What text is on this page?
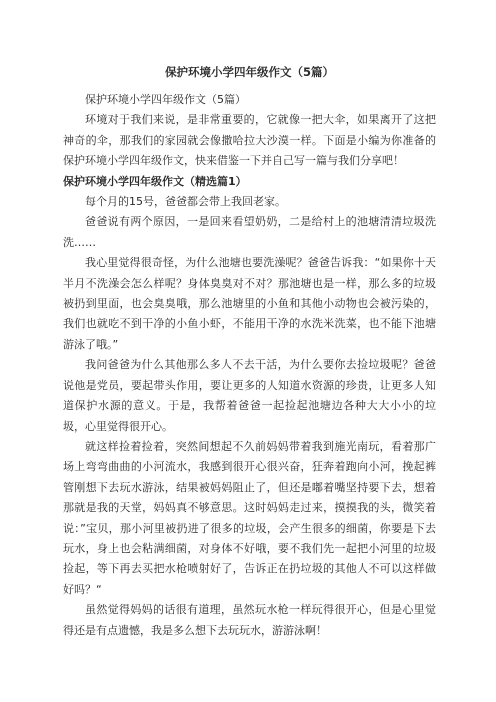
保护环境小学四年级作文（5篇）

保护环境小学四年级作文（5篇）

环境对于我们来说，是非常重要的，它就像一把大伞，如果离开了这把神奇的伞，那我们的家园就会像撒哈拉大沙漠一样。下面是小编为你准备的保护环境小学四年级作文，快来借鉴一下并自己写一篇与我们分享吧！

保护环境小学四年级作文（精选篇1）

每个月的15号，爸爸都会带上我回老家。

爸爸说有两个原因，一是回来看望奶奶，二是给村上的池塘清清垃圾洗洗……

我心里觉得很奇怪，为什么池塘也要洗澡呢？爸爸告诉我：“如果你十天半月不洗澡会怎么样呢？身体臭臭对不对？那池塘也是一样，那么多的垃圾被扔到里面，也会臭臭哦，那么池塘里的小鱼和其他小动物也会被污染的，我们也就吃不到干净的小鱼小虾，不能用干净的水洗米洗菜，也不能下池塘游泳了哦。”

我问爸爸为什么其他那么多人不去干活，为什么要你去捡垃圾呢？爸爸说他是党员，要起带头作用，要让更多的人知道水资源的珍贵，让更多人知道保护水源的意义。于是，我帮着爸爸一起捡起池塘边各种大大小小的垃圾，心里觉得很开心。

就这样捡着捡着，突然间想起不久前妈妈带着我到施光南玩，看着那广场上弯弯曲曲的小河流水，我感到很开心很兴奋，狂奔着跑向小河，挽起裤管刚想下去玩水游泳，结果被妈妈阻止了，但还是嘟着嘴坚持要下去，想着那就是我的天堂，妈妈真不够意思。这时妈妈走过来，摸摸我的头，微笑着说：”宝贝，那小河里被扔进了很多的垃圾，会产生很多的细菌，你要是下去玩水，身上也会粘满细菌，对身体不好哦，要不我们先一起把小河里的垃圾捡起，等下再去买把水枪喷射好了，告诉正在扔垃圾的其他人不可以这样做好吗？“

虽然觉得妈妈的话很有道理，虽然玩水枪一样玩得很开心，但是心里觉得还是有点遗憾，我是多么想下去玩玩水，游游泳啊！
